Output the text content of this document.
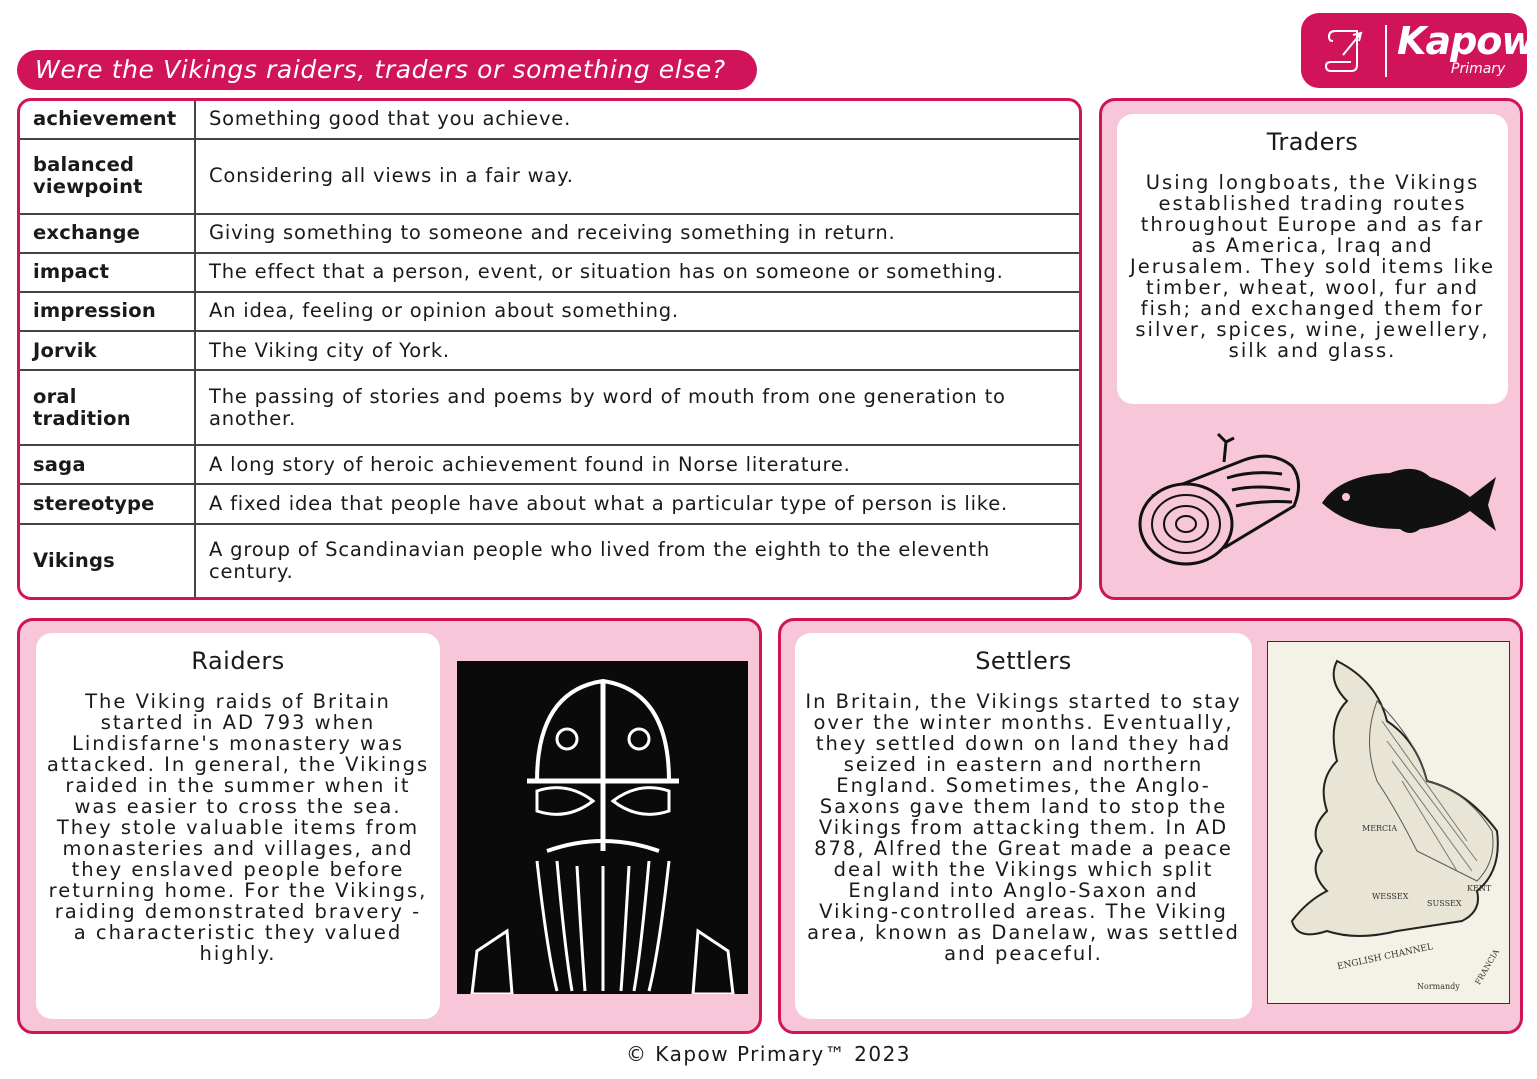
Were the Vikings raiders, traders or something else?
Kapow
Primary
achievement	Something good that you achieve.
balanced viewpoint	Considering all views in a fair way.
exchange	Giving something to someone and receiving something in return.
impact	The effect that a person, event, or situation has on someone or something.
impression	An idea, feeling or opinion about something.
Jorvik	The Viking city of York.
oral tradition	The passing of stories and poems by word of mouth from one generation to another.
saga	A long story of heroic achievement found in Norse literature.
stereotype	A fixed idea that people have about what a particular type of person is like.
Vikings	A group of Scandinavian people who lived from the eighth to the eleventh century.
Traders

Using longboats, the Vikings established trading routes throughout Europe and as far as America, Iraq and Jerusalem. They sold items like timber, wheat, wool, fur and fish; and exchanged them for silver, spices, wine, jewellery, silk and glass.

Raiders

The Viking raids of Britain started in AD 793 when Lindisfarne's monastery was attacked. In general, the Vikings raided in the summer when it was easier to cross the sea. They stole valuable items from monasteries and villages, and they enslaved people before returning home. For the Vikings, raiding demonstrated bravery - a characteristic they valued highly.

Settlers

In Britain, the Vikings started to stay over the winter months. Eventually, they settled down on land they had seized in eastern and northern England. Sometimes, the Anglo-Saxons gave them land to stop the Vikings from attacking them. In AD 878, Alfred the Great made a peace deal with the Vikings which split England into Anglo-Saxon and Viking-controlled areas. The Viking area, known as Danelaw, was settled and peaceful.	ENGLISH CHANNEL
WESSEX
SUSSEX
KENT
MERCIA
Normandy
FRANCIA
© Kapow Primary™ 2023
